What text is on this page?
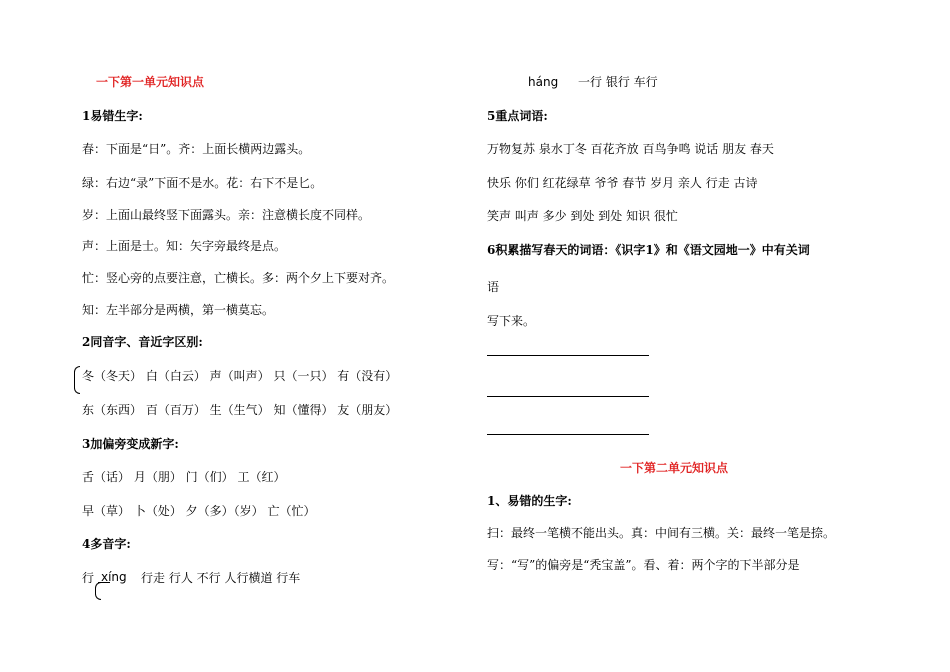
一下第一单元知识点
1易错生字:
春：下面是“日”。齐：上面长横两边露头。
绿：右边“录”下面不是水。花：右下不是匕。
岁：上面山最终竖下面露头。亲：注意横长度不同样。
声：上面是士。知：矢字旁最终是点。
忙：竖心旁的点要注意，亡横长。多：两个夕上下要对齐。
知：左半部分是两横，第一横莫忘。
2同音字、音近字区别:
冬（冬天） 白（白云） 声（叫声） 只（一只） 有（没有）
东（东西） 百（百万） 生（生气） 知（懂得） 友（朋友）
3加偏旁变成新字:
舌（话） 月（朋） 门（们） 工（红）
早（草） 卜（处） 夕（多）（岁） 亡（忙）
4多音字:
行 xíng 行走 行人 不行 人行横道 行车
háng 一行 银行 车行
5重点词语:
万物复苏 泉水丁冬 百花齐放 百鸟争鸣 说话 朋友 春天
快乐 你们 红花绿草 爷爷 春节 岁月 亲人 行走 古诗
笑声 叫声 多少 到处 到处 知识 很忙
6积累描写春天的词语：《识字1》和《语文园地一》中有关词
语
写下来。
一下第二单元知识点
1、易错的生字:
扫：最终一笔横不能出头。真：中间有三横。关：最终一笔是捺。
写：“写”的偏旁是“秃宝盖”。看、着：两个字的下半部分是
